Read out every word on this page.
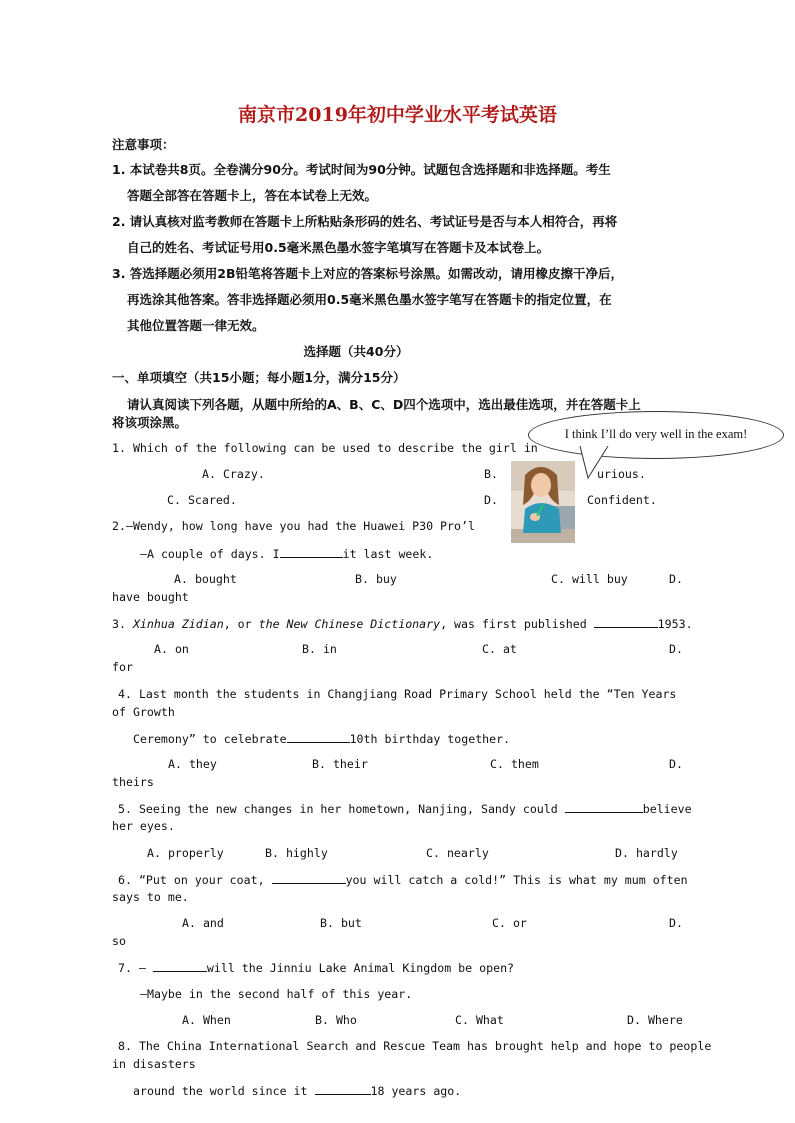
南京市2019年初中学业水平考试英语
注意事项：
1. 本试卷共8页。全卷满分90分。考试时间为90分钟。试题包含选择题和非选择题。考生
答题全部答在答题卡上，答在本试卷上无效。
2. 请认真核对监考教师在答题卡上所粘贴条形码的姓名、考试证号是否与本人相符合，再将
自己的姓名、考试证号用0.5毫米黑色墨水签字笔填写在答题卡及本试卷上。
3. 答选择题必须用2B铅笔将答题卡上对应的答案标号涂黑。如需改动，请用橡皮擦干净后，
再选涂其他答案。答非选择题必须用0.5毫米黑色墨水签字笔写在答题卡的指定位置，在
其他位置答题一律无效。
选择题（共40分）
一、单项填空（共15小题；每小题1分，满分15分）
请认真阅读下列各题，从题中所给的A、B、C、D四个选项中，选出最佳选项，并在答题卡上
将该项涂黑。
1. Which of the following can be used to describe the girl in
A. Crazy.	B.	urious.
C. Scared.	D.	Confident.
I think I’ll do very well in the exam!
2.—Wendy, how long have you had the Huawei P30 Pro’l
—A couple of days. I	it last week.
A. bought	B. buy	C. will buy	D.
have bought
3. Xinhua Zidian, or the New Chinese Dictionary, was first published	1953.
A. on	B. in	C. at	D.
for
4. Last month the students in Changjiang Road Primary School held the “Ten Years
of Growth
Ceremony” to celebrate	10th birthday together.
A. they	B. their	C. them	D.
theirs
5. Seeing the new changes in her hometown, Nanjing, Sandy could	believe
her eyes.
A. properly	B. highly	C. nearly	D. hardly
6. “Put on your coat,	you will catch a cold!” This is what my mum often
says to me.
A. and	B. but	C. or	D.
so
7. —	will the Jinniu Lake Animal Kingdom be open?
—Maybe in the second half of this year.
A. When	B. Who	C. What	D. Where
8. The China International Search and Rescue Team has brought help and hope to people
in disasters
around the world since it	18 years ago.
